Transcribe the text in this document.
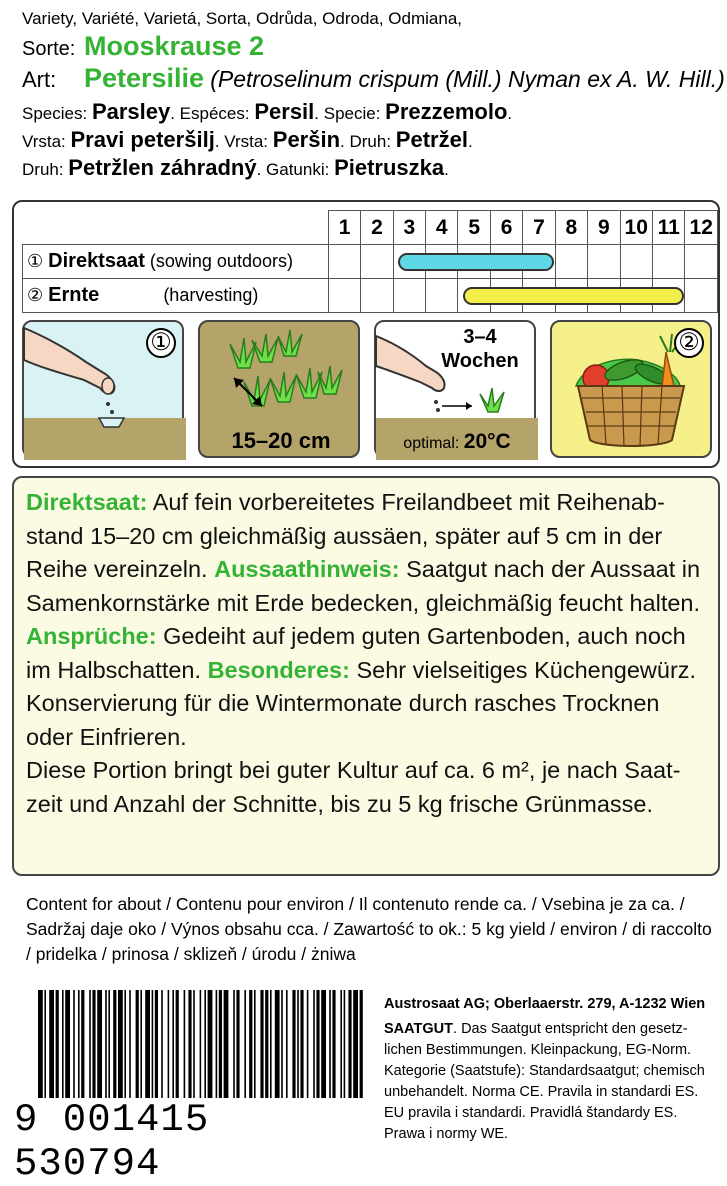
Variety, Variété, Varietá, Sorta, Odrůda, Odroda, Odmiana,
Sorte: Mooskrause 2
Art: Petersilie (Petroselinum crispum (Mill.) Nyman ex A. W. Hill.)
Species: Parsley. Espéces: Persil. Specie: Prezzemolo.
Vrsta: Pravi peteršilj. Vrsta: Peršin. Druh: Petržel.
Druh: Petržlen záhradný. Gatunki: Pietruszka.
	1	2	3	4	5	6	7	8	9	10	11	12
① Direktsaat (sowing outdoors)												
② Ernte (harvesting)												
①
15–20 cm
3–4
Wochen
optimal: 20°C
②

Direktsaat: Auf fein vorbereitetes Freilandbeet mit Reihenabstand 15–20 cm gleichmäßig aussäen, später auf 5 cm in der Reihe vereinzeln. Aussaathinweis: Saatgut nach der Aussaat in Samenkornstärke mit Erde bedecken, gleichmäßig feucht halten. Ansprüche: Gedeiht auf jedem guten Gartenboden, auch noch im Halbschatten. Besonderes: Sehr vielseitiges Küchengewürz. Konservierung für die Wintermonate durch rasches Trocknen oder Einfrieren.

Diese Portion bringt bei guter Kultur auf ca. 6 m², je nach Saatzeit und Anzahl der Schnitte, bis zu 5 kg frische Grünmasse.

Content for about / Contenu pour environ / Il contenuto rende ca. / Vsebina je za ca. / Sadržaj daje oko / Výnos obsahu cca. / Zawartość to ok.: 5 kg yield / environ / di raccolto / pridelka / prinosa / sklizeň / úrodu / żniwa
9 001415 530794
Austrosaat AG; Oberlaaerstr. 279, A-1232 Wien
SAATGUT. Das Saatgut entspricht den gesetzlichen Bestimmungen. Kleinpackung, EG-Norm. Kategorie (Saatstufe): Standardsaatgut; chemisch unbehandelt. Norma CE. Pravila in standardi ES. EU pravila i standardi. Pravidlá štandardy ES. Prawa i normy WE.
